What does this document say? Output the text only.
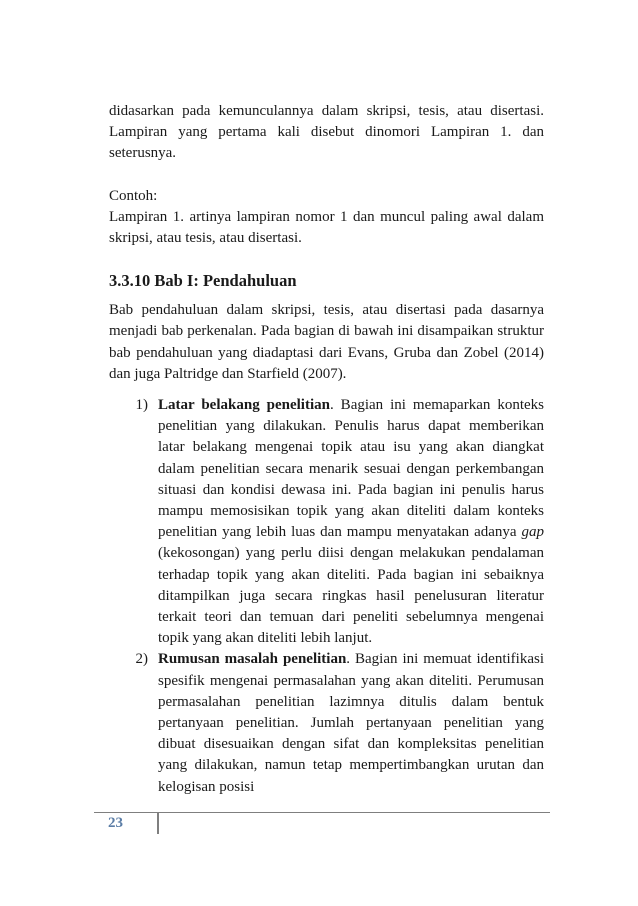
didasarkan pada kemunculannya dalam skripsi, tesis, atau disertasi. Lampiran yang pertama kali disebut dinomori Lampiran 1. dan seterusnya.

Contoh:

Lampiran 1. artinya lampiran nomor 1 dan muncul paling awal dalam skripsi, atau tesis, atau disertasi.

3.3.10 Bab I: Pendahuluan

Bab pendahuluan dalam skripsi, tesis, atau disertasi pada dasarnya menjadi bab perkenalan. Pada bagian di bawah ini disampaikan struktur bab pendahuluan yang diadaptasi dari Evans, Gruba dan Zobel (2014) dan juga Paltridge dan Starfield (2007).

1) Latar belakang penelitian. Bagian ini memaparkan konteks penelitian yang dilakukan. Penulis harus dapat memberikan latar belakang mengenai topik atau isu yang akan diangkat dalam penelitian secara menarik sesuai dengan perkembangan situasi dan kondisi dewasa ini. Pada bagian ini penulis harus mampu memosisikan topik yang akan diteliti dalam konteks penelitian yang lebih luas dan mampu menyatakan adanya gap (kekosongan) yang perlu diisi dengan melakukan pendalaman terhadap topik yang akan diteliti. Pada bagian ini sebaiknya ditampilkan juga secara ringkas hasil penelusuran literatur terkait teori dan temuan dari peneliti sebelumnya mengenai topik yang akan diteliti lebih lanjut.

2) Rumusan masalah penelitian. Bagian ini memuat identifikasi spesifik mengenai permasalahan yang akan diteliti. Perumusan permasalahan penelitian lazimnya ditulis dalam bentuk pertanyaan penelitian. Jumlah pertanyaan penelitian yang dibuat disesuaikan dengan sifat dan kompleksitas penelitian yang dilakukan, namun tetap mempertimbangkan urutan dan kelogisan posisi

23
